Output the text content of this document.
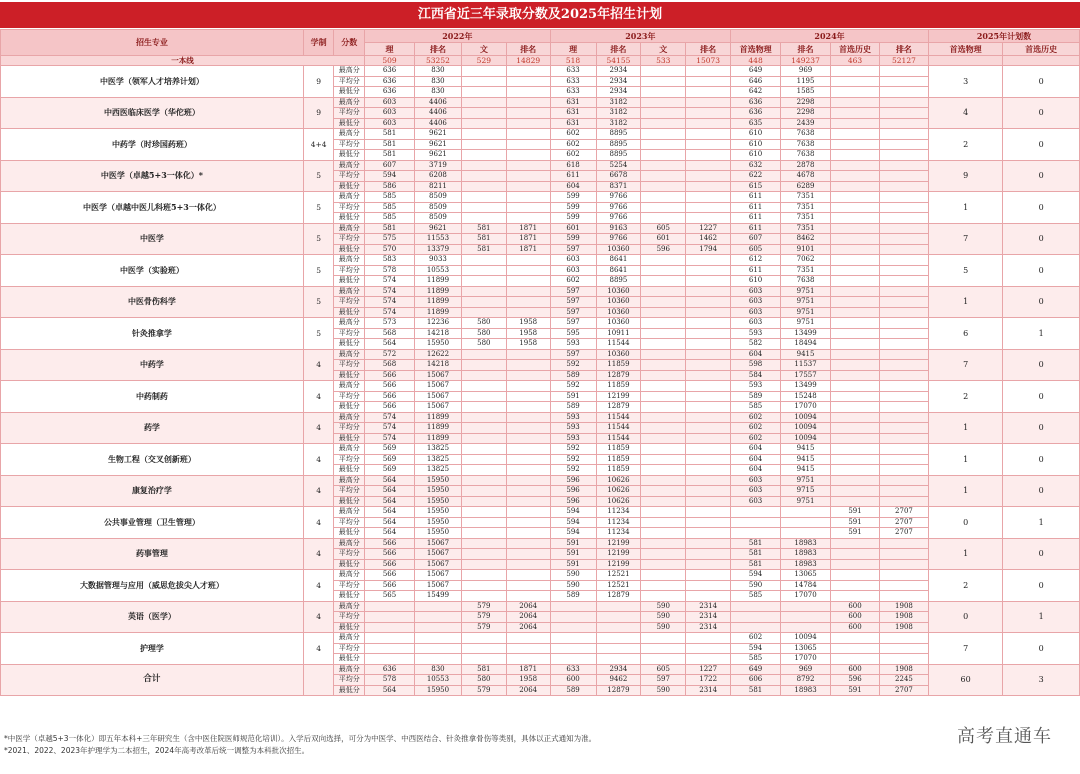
江西省近三年录取分数及2025年招生计划
招生专业	学制	分数	2022年				2023年				2024年				2025年计划数	
			理	排名	文	排名	理	排名	文	排名	首选物理	排名	首选历史	排名	首选物理	首选历史
一本线			509	53252	529	14829	518	54155	533	15073	448	149237	463	52127		
中医学（领军人才培养计划）	9	最高分	636	830			633	2934			649	969			3	0
		平均分	636	830			633	2934			646	1195				
		最低分	636	830			633	2934			642	1585				
中西医临床医学（华佗班）	9	最高分	603	4406			631	3182			636	2298			4	0
		平均分	603	4406			631	3182			636	2298				
		最低分	603	4406			631	3182			635	2439				
中药学（时珍国药班）	4+4	最高分	581	9621			602	8895			610	7638			2	0
		平均分	581	9621			602	8895			610	7638				
		最低分	581	9621			602	8895			610	7638				
中医学（卓越5+3一体化）*	5	最高分	607	3719			618	5254			632	2878			9	0
		平均分	594	6208			611	6678			622	4678				
		最低分	586	8211			604	8371			615	6289				
中医学（卓越中医儿科班5+3一体化）	5	最高分	585	8509			599	9766			611	7351			1	0
		平均分	585	8509			599	9766			611	7351				
		最低分	585	8509			599	9766			611	7351				
中医学	5	最高分	581	9621	581	1871	601	9163	605	1227	611	7351			7	0
		平均分	575	11553	581	1871	599	9766	601	1462	607	8462				
		最低分	570	13379	581	1871	597	10360	596	1794	605	9101				
中医学（实验班）	5	最高分	583	9033			603	8641			612	7062			5	0
		平均分	578	10553			603	8641			611	7351				
		最低分	574	11899			602	8895			610	7638				
中医骨伤科学	5	最高分	574	11899			597	10360			603	9751			1	0
		平均分	574	11899			597	10360			603	9751				
		最低分	574	11899			597	10360			603	9751				
针灸推拿学	5	最高分	573	12236	580	1958	597	10360			603	9751			6	1
		平均分	568	14218	580	1958	595	10911			593	13499				
		最低分	564	15950	580	1958	593	11544			582	18494				
中药学	4	最高分	572	12622			597	10360			604	9415			7	0
		平均分	568	14218			592	11859			598	11537				
		最低分	566	15067			589	12879			584	17557				
中药制药	4	最高分	566	15067			592	11859			593	13499			2	0
		平均分	566	15067			591	12199			589	15248				
		最低分	566	15067			589	12879			585	17070				
药学	4	最高分	574	11899			593	11544			602	10094			1	0
		平均分	574	11899			593	11544			602	10094				
		最低分	574	11899			593	11544			602	10094				
生物工程（交叉创新班）	4	最高分	569	13825			592	11859			604	9415			1	0
		平均分	569	13825			592	11859			604	9415				
		最低分	569	13825			592	11859			604	9415				
康复治疗学	4	最高分	564	15950			596	10626			603	9751			1	0
		平均分	564	15950			596	10626			603	9715				
		最低分	564	15950			596	10626			603	9751				
公共事业管理（卫生管理）	4	最高分	564	15950			594	11234					591	2707	0	1
		平均分	564	15950			594	11234					591	2707		
		最低分	564	15950			594	11234					591	2707		
药事管理	4	最高分	566	15067			591	12199			581	18983			1	0
		平均分	566	15067			591	12199			581	18983				
		最低分	566	15067			591	12199			581	18983				
大数据管理与应用（威思危拔尖人才班）	4	最高分	566	15067			590	12521			594	13065			2	0
		平均分	566	15067			590	12521			590	14784				
		最低分	565	15499			589	12879			585	17070				
英语（医学）	4	最高分			579	2064			590	2314			600	1908	0	1
		平均分			579	2064			590	2314			600	1908		
		最低分			579	2064			590	2314			600	1908		
护理学	4	最高分									602	10094			7	0
		平均分									594	13065				
		最低分									585	17070				
合计		最高分	636	830	581	1871	633	2934	605	1227	649	969	600	1908	60	3
		平均分	578	10553	580	1958	600	9462	597	1722	606	8792	596	2245		
		最低分	564	15950	579	2064	589	12879	590	2314	581	18983	591	2707		
*中医学（卓越5+3一体化）即五年本科+三年研究生（含中医住院医师规范化培训）。入学后双向选择，可分为中医学、中西医结合、针灸推拿骨伤等类别，具体以正式通知为准。
*2021、2022、2023年护理学为二本招生，2024年高考改革后统一调整为本科批次招生。
高考直通车
